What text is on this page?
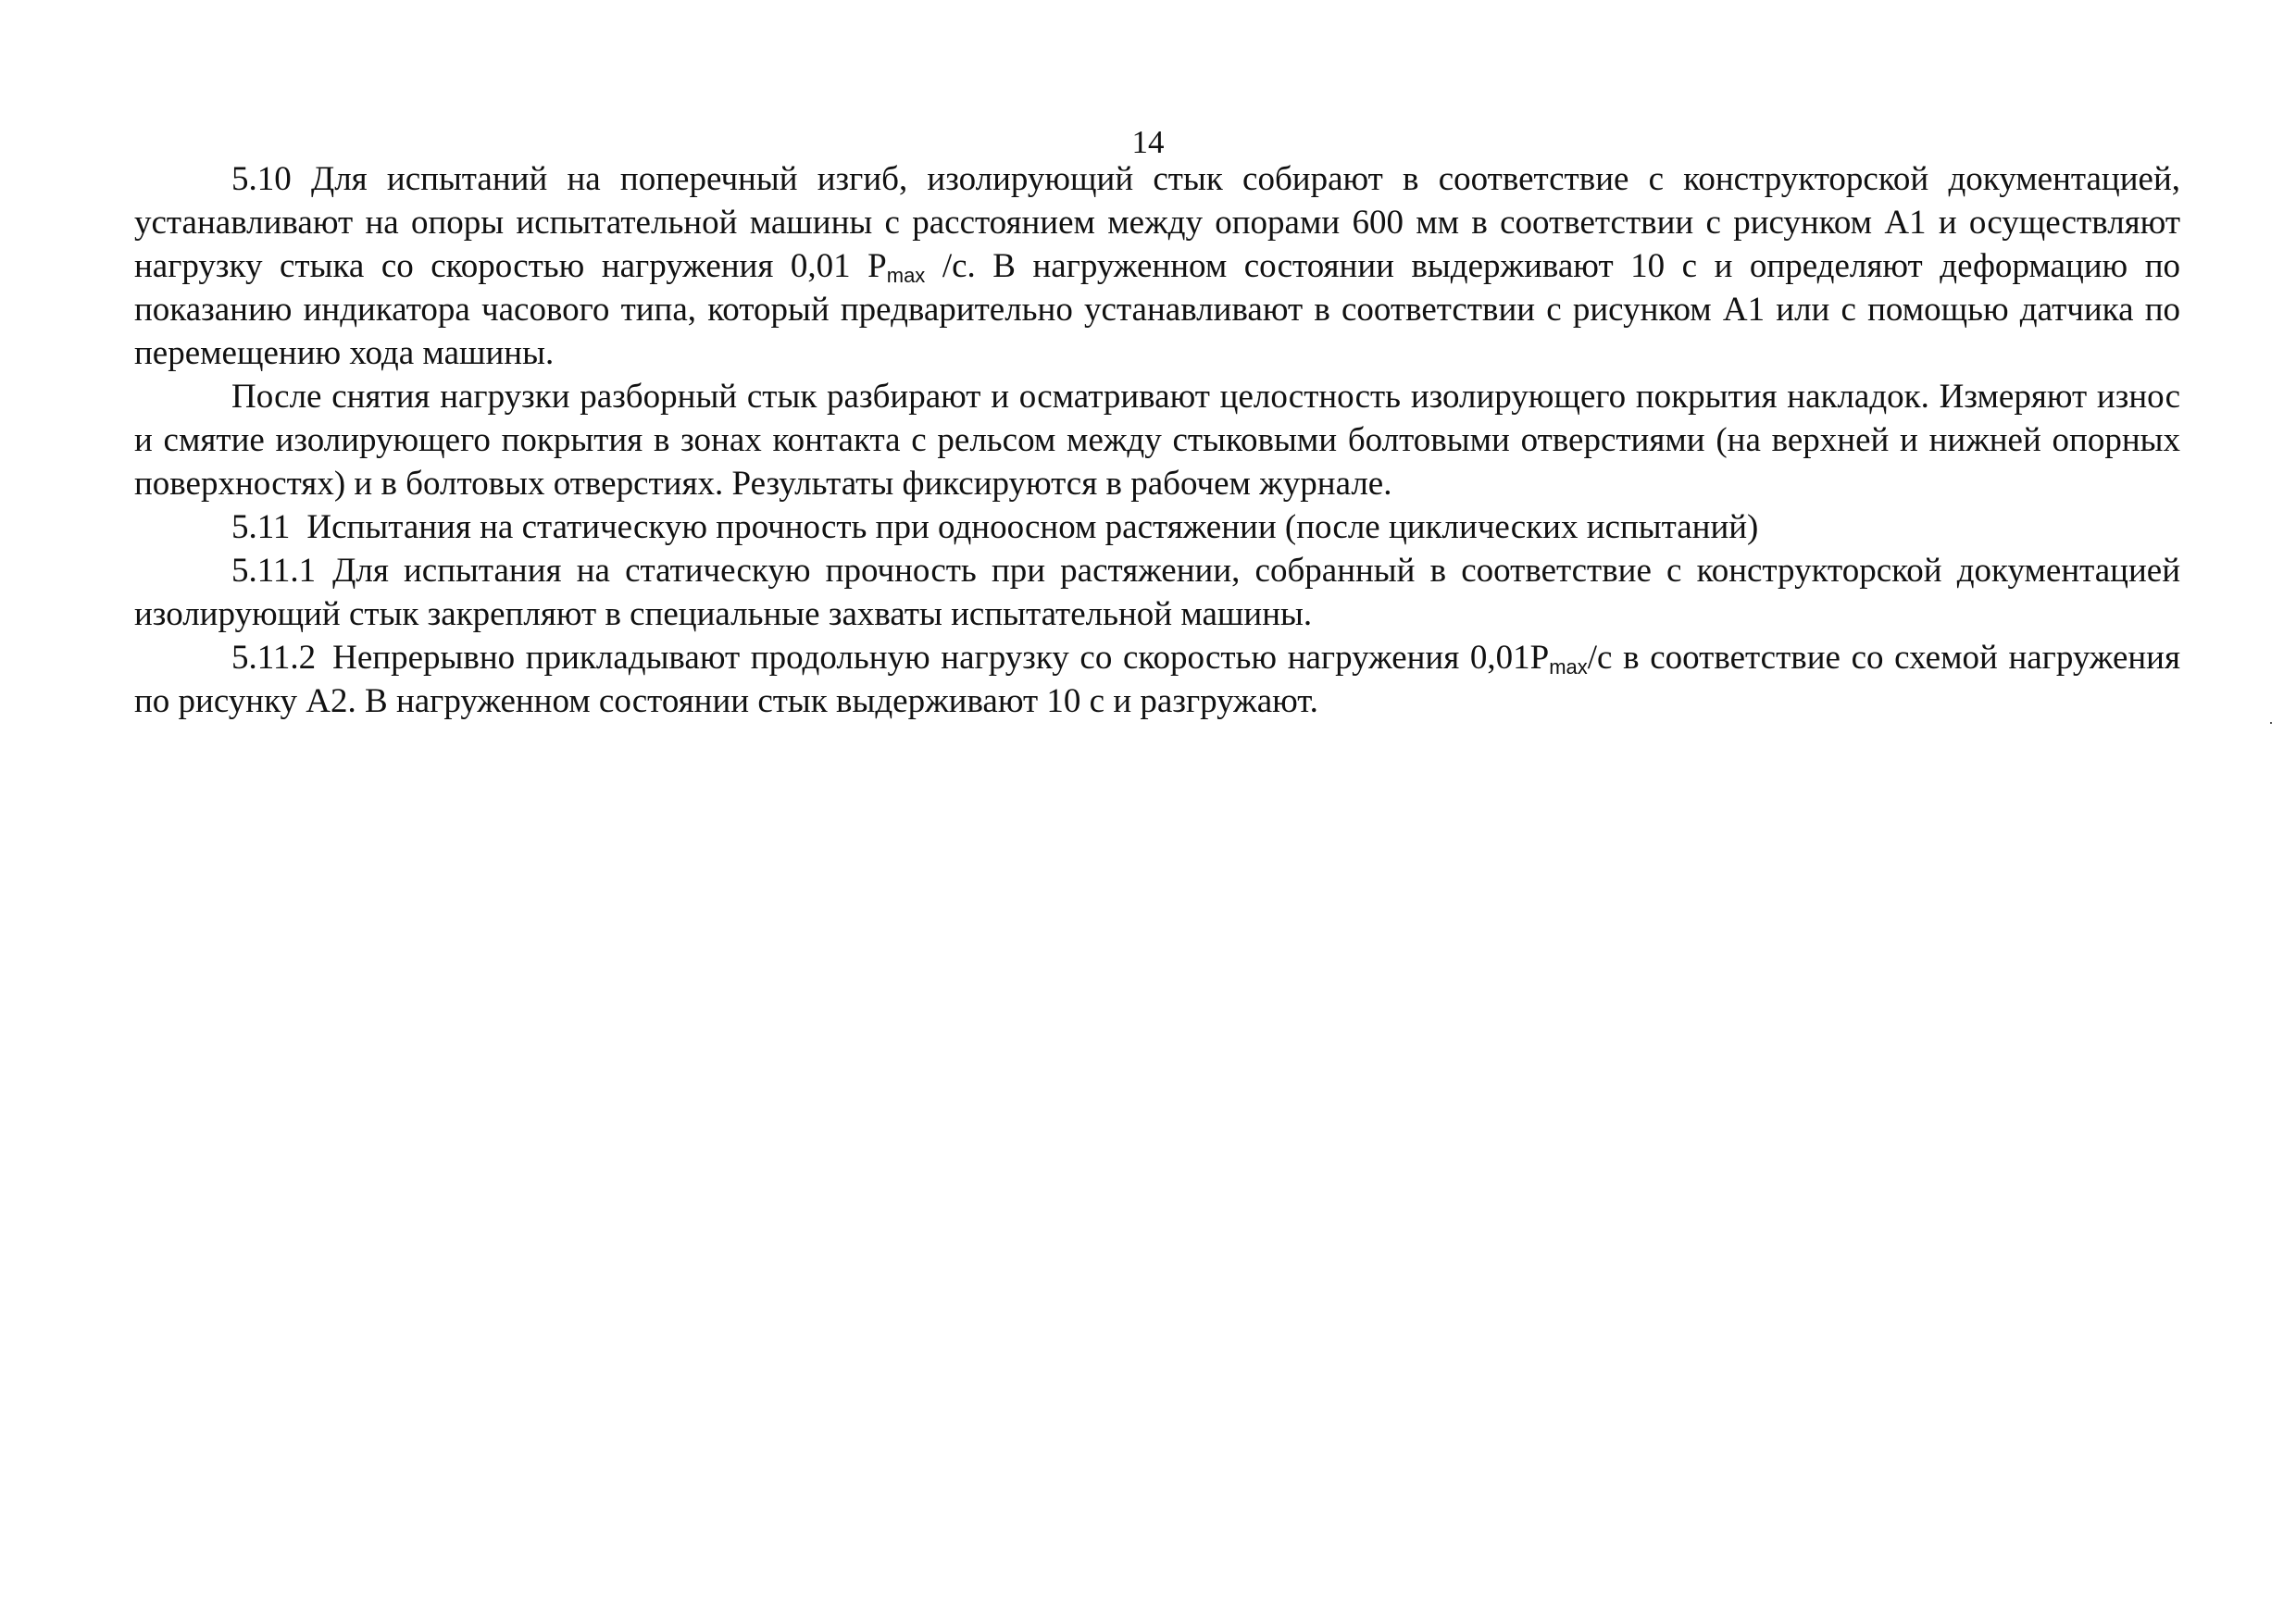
14

5.10 Для испытаний на поперечный изгиб, изолирующий стык собирают в соответствие с конструкторской документацией, устанавливают на опоры испытательной машины с расстоянием между опорами 600 мм в соответствии с рисунком А1 и осуществляют нагрузку стыка со скоростью нагружения 0,01 $P_{max}$ /с. В нагруженном состоянии выдерживают 10 с и определяют деформацию по показанию индикатора часового типа, который предварительно устанавливают в соответствии с рисунком А1 или с помощью датчика по перемещению хода машины.

После снятия нагрузки разборный стык разбирают и осматривают целостность изолирующего покрытия накладок. Измеряют износ и смятие изолирующего покрытия в зонах контакта с рельсом между стыковыми болтовыми отверстиями (на верхней и нижней опорных поверхностях) и в болтовых отверстиях. Результаты фиксируются в рабочем журнале.

5.11 Испытания на статическую прочность при одноосном растяжении (после циклических испытаний)

5.11.1 Для испытания на статическую прочность при растяжении, собранный в соответствие с конструкторской документацией изолирующий стык закрепляют в специальные захваты испытательной машины.

5.11.2 Непрерывно прикладывают продольную нагрузку со скоростью нагружения $0,01P_{max}/с$ в соответствие со схемой нагружения по рисунку А2. В нагруженном состоянии стык выдерживают 10 с и разгружают.
